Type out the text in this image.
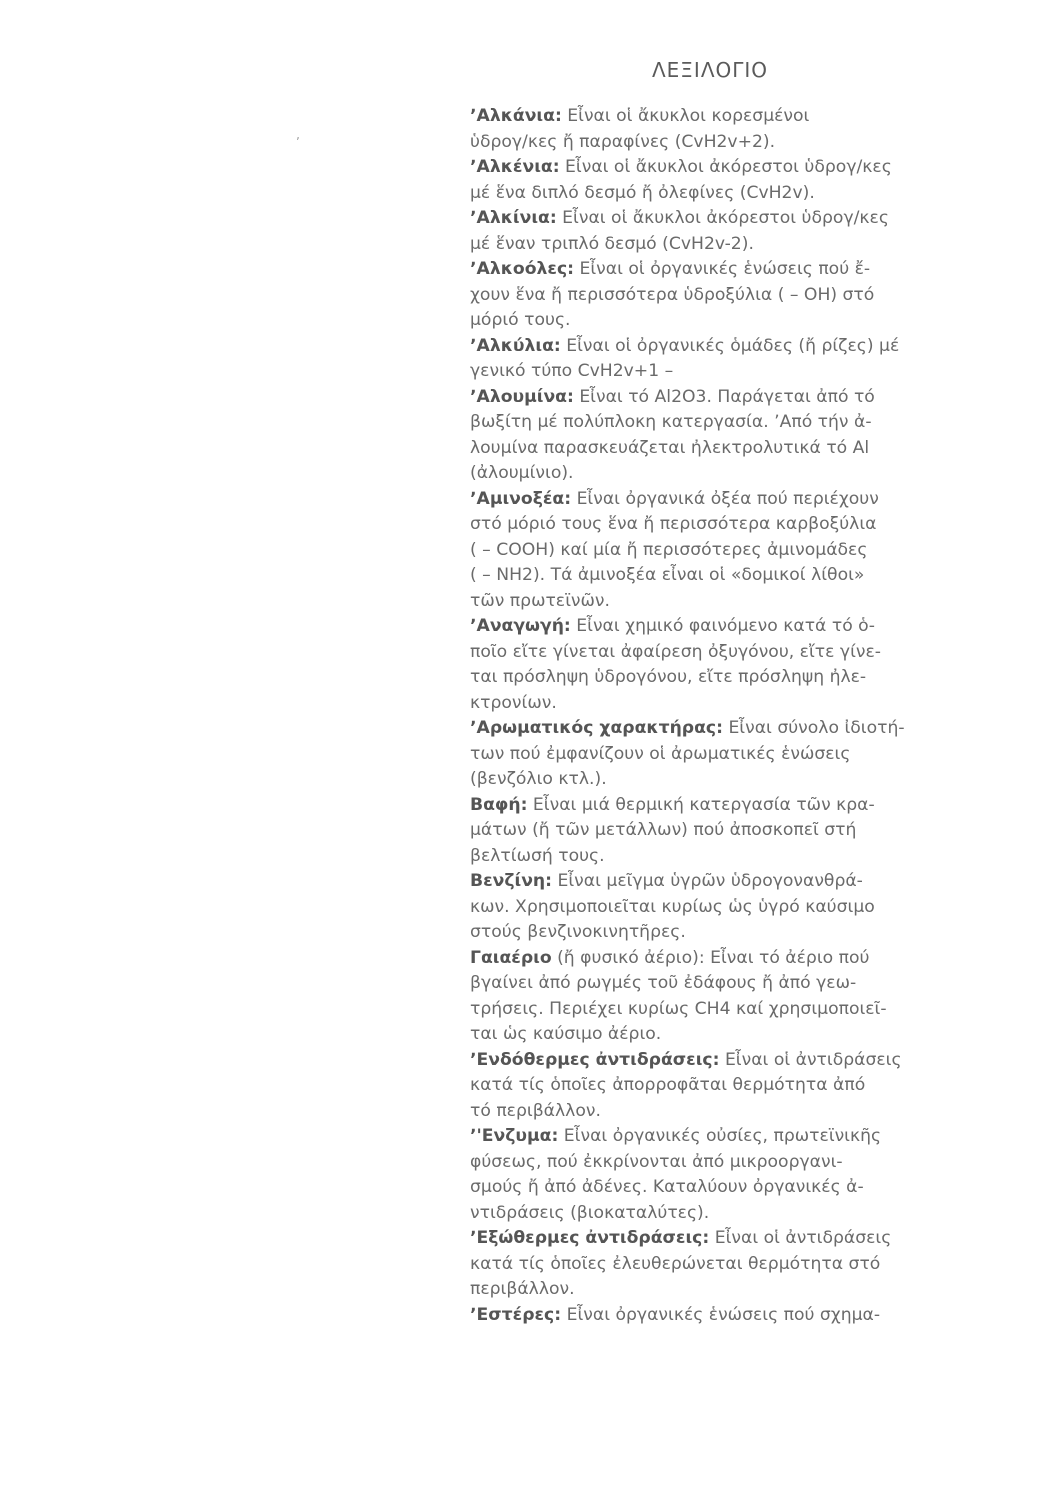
ʼ
ΛΕΞΙΛΟΓΙΟ

ʼΑλκάνια: Εἶναι οἱ ἄκυκλοι κορεσμένοι
ὑδρογ/κες ἤ παραφίνες (CvH2v+2).

ʼΑλκένια: Εἶναι οἱ ἄκυκλοι ἀκόρεστοι ὑδρογ/κες
μέ ἕνα διπλό δεσμό ἤ ὀλεφίνες (CvH2v).

ʼΑλκίνια: Εἶναι οἱ ἄκυκλοι ἀκόρεστοι ὑδρογ/κες
μέ ἕναν τριπλό δεσμό (CvH2v-2).

ʼΑλκοόλες: Εἶναι οἱ ὀργανικές ἑνώσεις πού ἔ-
χουν ἕνα ἤ περισσότερα ὑδροξύλια ( – OH) στό
μόριό τους.

ʼΑλκύλια: Εἶναι οἱ ὀργανικές ὁμάδες (ἤ ρίζες) μέ
γενικό τύπο CvH2v+1 –

ʼΑλουμίνα: Εἶναι τό Al2O3. Παράγεται ἀπό τό
βωξίτη μέ πολύπλοκη κατεργασία. ʼΑπό τήν ἀ-
λουμίνα παρασκευάζεται ἠλεκτρολυτικά τό Al
(ἀλουμίνιο).

ʼΑμινοξέα: Εἶναι ὀργανικά ὀξέα πού περιέχουν
στό μόριό τους ἕνα ἤ περισσότερα καρβοξύλια
( – COOH) καί μία ἤ περισσότερες ἀμινομάδες
( – NH2). Τά ἀμινοξέα εἶναι οἱ «δομικοί λίθοι»
τῶν πρωτεϊνῶν.

ʼΑναγωγή: Εἶναι χημικό φαινόμενο κατά τό ὁ-
ποῖο εἴτε γίνεται ἀφαίρεση ὀξυγόνου, εἴτε γίνε-
ται πρόσληψη ὑδρογόνου, εἴτε πρόσληψη ἠλε-
κτρονίων.

ʼΑρωματικός χαρακτήρας: Εἶναι σύνολο ἰδιοτή-
των πού ἐμφανίζουν οἱ ἀρωματικές ἑνώσεις
(βενζόλιο κτλ.).

Βαφή: Εἶναι μιά θερμική κατεργασία τῶν κρα-
μάτων (ἤ τῶν μετάλλων) πού ἀποσκοπεῖ στή
βελτίωσή τους.

Βενζίνη: Εἶναι μεῖγμα ὑγρῶν ὑδρογονανθρά-
κων. Χρησιμοποιεῖται κυρίως ὡς ὑγρό καύσιμο
στούς βενζινοκινητῆρες.

Γαιαέριο (ἤ φυσικό ἀέριο): Εἶναι τό ἀέριο πού
βγαίνει ἀπό ρωγμές τοῦ ἐδάφους ἤ ἀπό γεω-
τρήσεις. Περιέχει κυρίως CH4 καί χρησιμοποιεῖ-
ται ὡς καύσιμο ἀέριο.

ʼΕνδόθερμες ἀντιδράσεις: Εἶναι οἱ ἀντιδράσεις
κατά τίς ὁποῖες ἀπορροφᾶται θερμότητα ἀπό
τό περιβάλλον.

ʼ'Ενζυμα: Εἶναι ὀργανικές οὐσίες, πρωτεϊνικῆς
φύσεως, πού ἐκκρίνονται ἀπό μικροοργανι-
σμούς ἤ ἀπό ἀδένες. Καταλύουν ὀργανικές ἀ-
ντιδράσεις (βιοκαταλύτες).

ʼΕξώθερμες ἀντιδράσεις: Εἶναι οἱ ἀντιδράσεις
κατά τίς ὁποῖες ἐλευθερώνεται θερμότητα στό
περιβάλλον.

ʼΕστέρες: Εἶναι ὀργανικές ἑνώσεις πού σχημα-
